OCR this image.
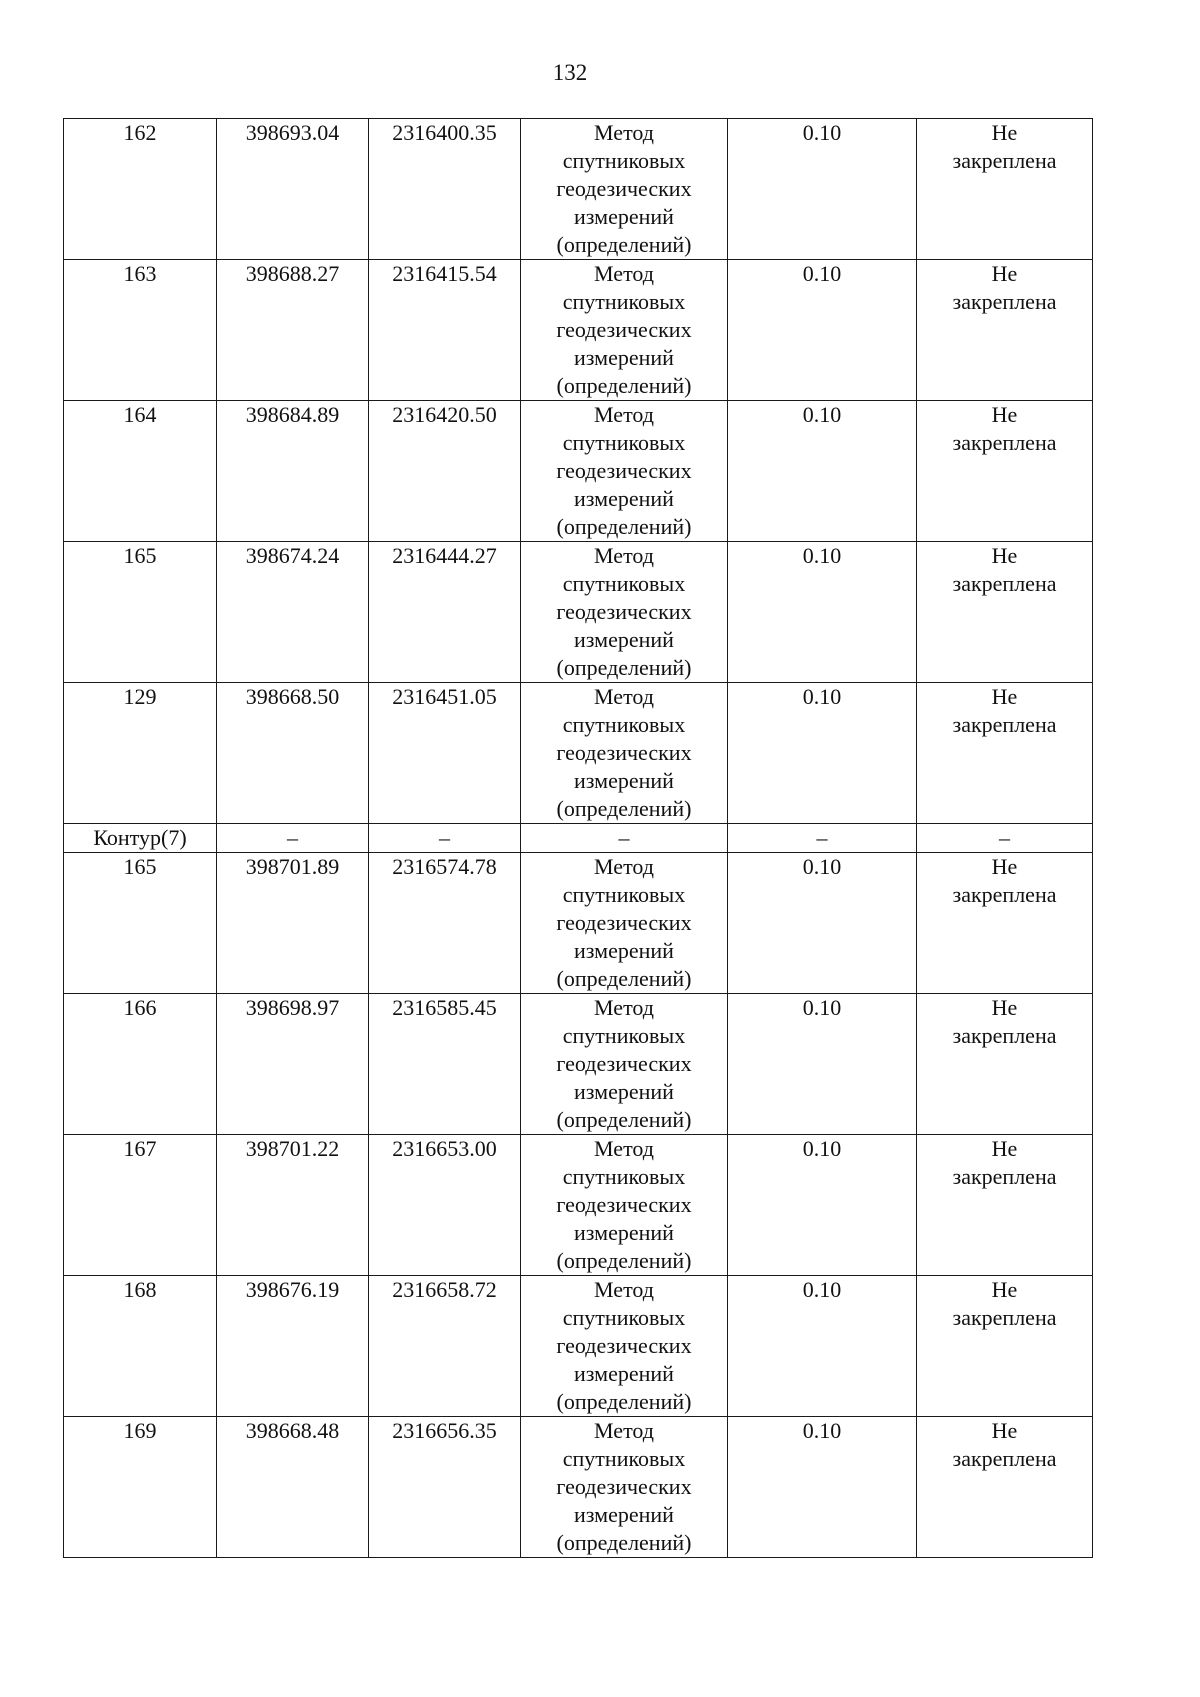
132
162	398693.04	2316400.35	Метод
спутниковых
геодезических
измерений
(определений)	0.10	Не
закреплена

163	398688.27	2316415.54	Метод
спутниковых
геодезических
измерений
(определений)	0.10	Не
закреплена

164	398684.89	2316420.50	Метод
спутниковых
геодезических
измерений
(определений)	0.10	Не
закреплена

165	398674.24	2316444.27	Метод
спутниковых
геодезических
измерений
(определений)	0.10	Не
закреплена

129	398668.50	2316451.05	Метод
спутниковых
геодезических
измерений
(определений)	0.10	Не
закреплена

Контур(7)	–	–	–	–	–
165	398701.89	2316574.78	Метод
спутниковых
геодезических
измерений
(определений)	0.10	Не
закреплена

166	398698.97	2316585.45	Метод
спутниковых
геодезических
измерений
(определений)	0.10	Не
закреплена

167	398701.22	2316653.00	Метод
спутниковых
геодезических
измерений
(определений)	0.10	Не
закреплена

168	398676.19	2316658.72	Метод
спутниковых
геодезических
измерений
(определений)	0.10	Не
закреплена

169	398668.48	2316656.35	Метод
спутниковых
геодезических
измерений
(определений)	0.10	Не
закреплена
